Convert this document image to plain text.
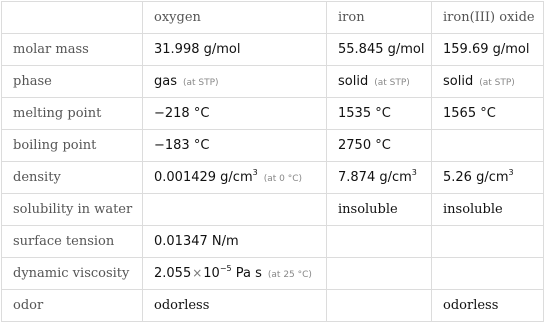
	oxygen	iron	iron(III) oxide
molar mass	31.998 g/mol	55.845 g/mol	159.69 g/mol
phase	gas (at STP)	solid (at STP)	solid (at STP)
melting point	−218 °C	1535 °C	1565 °C
boiling point	−183 °C	2750 °C	
density	0.001429 $g/cm^3(at$ 0 °C)	7.874 $g/cm^3$	5.26 $g/cm^3$
solubility in water		insoluble	insoluble
surface tension	0.01347 N/m		
dynamic viscosity	$2.055\times 10^{-5}$ Pa s (at 25 °C)		
odor	odorless		odorless
